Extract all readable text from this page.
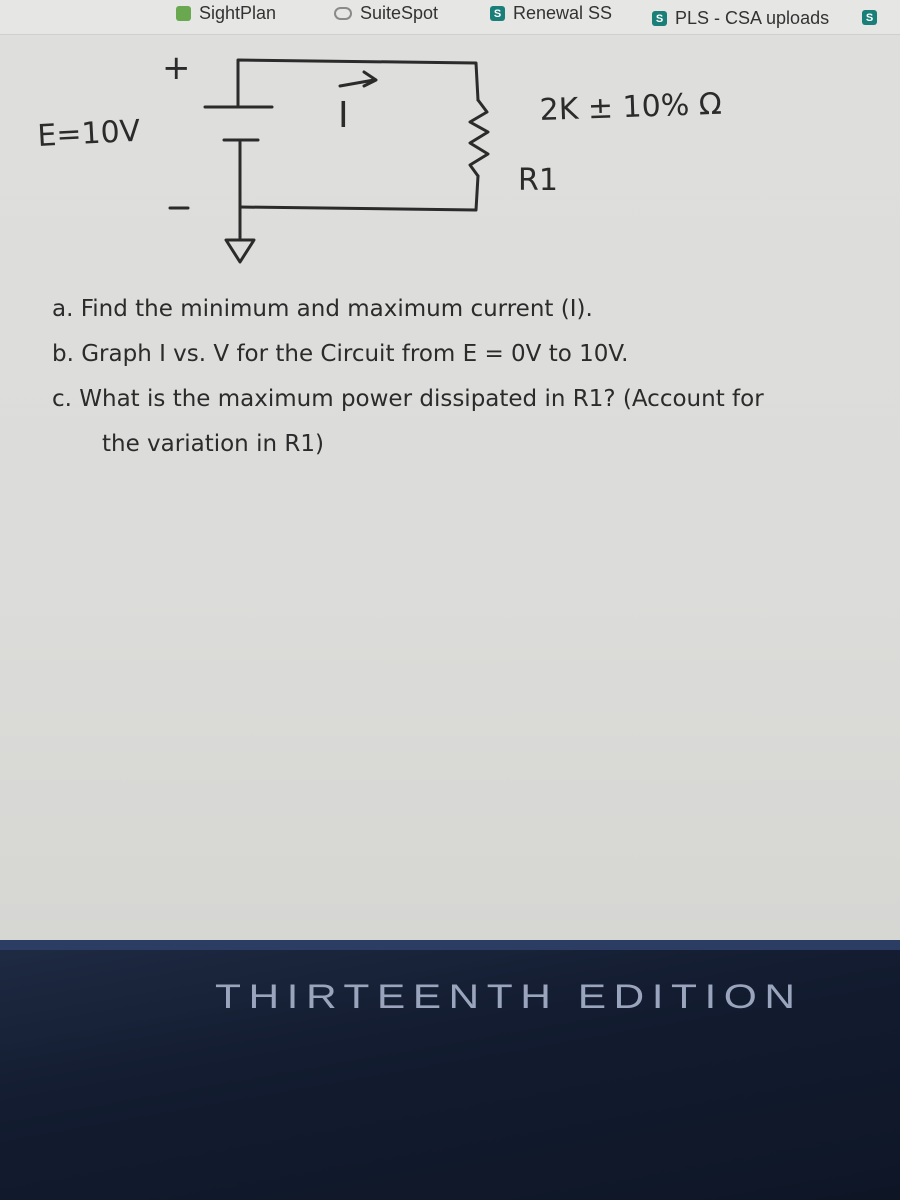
■ SightPlan	SuiteSpot	S Renewal SS	S PLS - CSA uploads	S
+
E=10V	I	2K ± 10% Ω
R1
a. Find the minimum and maximum current (I).
b. Graph I vs. V for the Circuit from E = 0V to 10V.
c. What is the maximum power dissipated in R1? (Account for
the variation in R1)
THIRTEENTH EDITION
